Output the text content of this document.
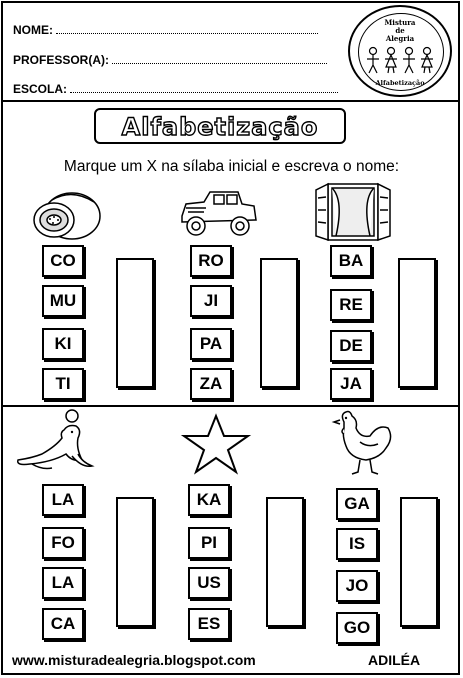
NOME:
PROFESSOR(A):
ESCOLA:
Mistura
de
Alegria
Alfabetização
Alfabetização
Marque um X na sílaba inicial e escreva o nome:
CO
MU
KI
TI
RO
JI
PA
ZA
BA
RE
DE
JA
LA
FO
LA
CA
KA
PI
US
ES
GA
IS
JO
GO
www.misturadealegria.blogspot.com	ADILÉA
